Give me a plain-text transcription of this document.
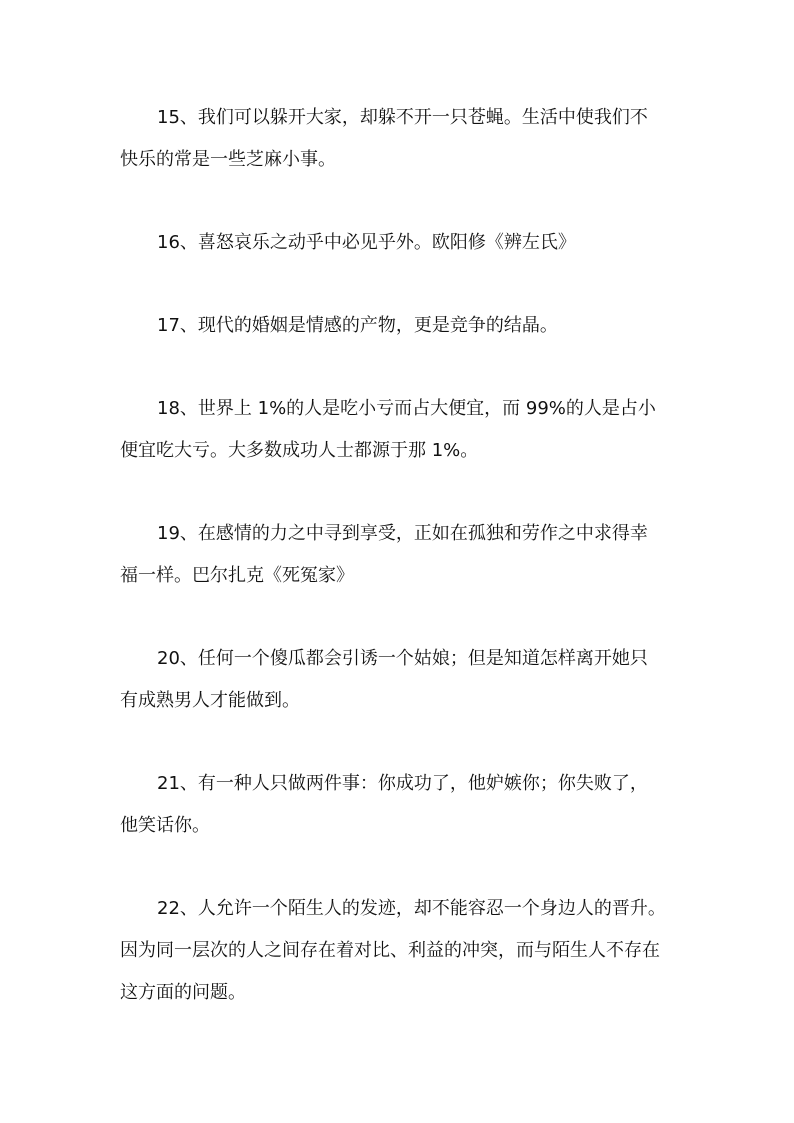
15、我们可以躲开大家，却躲不开一只苍蝇。生活中使我们不
快乐的常是一些芝麻小事。

16、喜怒哀乐之动乎中必见乎外。欧阳修《辨左氏》

17、现代的婚姻是情感的产物，更是竞争的结晶。

18、世界上 1%的人是吃小亏而占大便宜，而 99%的人是占小
便宜吃大亏。大多数成功人士都源于那 1%。

19、在感情的力之中寻到享受，正如在孤独和劳作之中求得幸
福一样。巴尔扎克《死冤家》

20、任何一个傻瓜都会引诱一个姑娘；但是知道怎样离开她只
有成熟男人才能做到。

21、有一种人只做两件事：你成功了，他妒嫉你；你失败了，
他笑话你。

22、人允许一个陌生人的发迹，却不能容忍一个身边人的晋升。
因为同一层次的人之间存在着对比、利益的冲突，而与陌生人不存在
这方面的问题。
